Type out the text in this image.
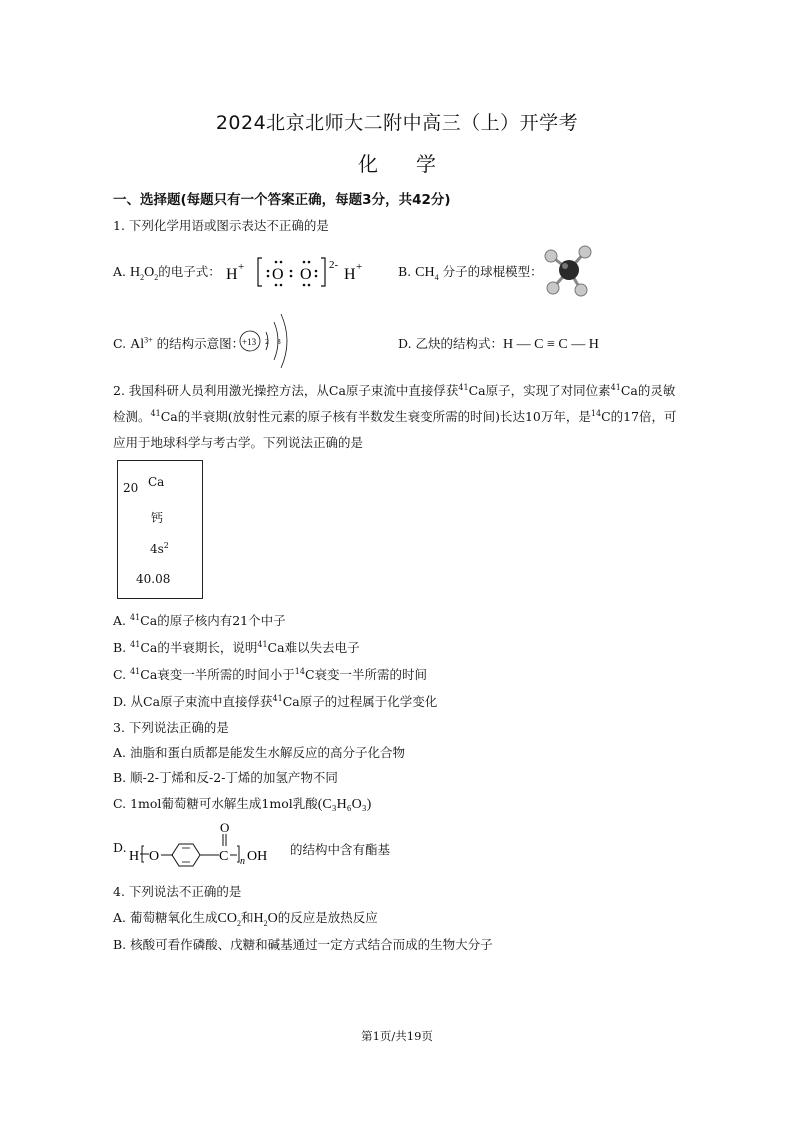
2024北京北师大二附中高三（上）开学考
化学
一、选择题(每题只有一个答案正确，每题3分，共42分)
1. 下列化学用语或图示表达不正确的是
A. $H_2O_2$的电子式： H + O O
2-
H +	B. $CH_4$ 分子的球棍模型：
C. $Al^{3+}$ 的结构示意图：
+13 2 8	D. 乙炔的结构式：H — C ≡ C — H
2. 我国科研人员利用激光操控方法，从Ca原子束流中直接俘获$^{41}$Ca原子，实现了对同位素$^{41}$Ca的灵敏
检测。$^{41}$Ca的半衰期(放射性元素的原子核有半数发生衰变所需的时间)长达10万年，是$^{14}$C的17倍，可
应用于地球科学与考古学。下列说法正确的是
20 Ca
钙
$4s^2$
40.08
A. $^{41}$Ca的原子核内有21个中子
B. $^{41}$Ca的半衰期长，说明$^{41}$Ca难以失去电子
C. $^{41}$Ca衰变一半所需的时间小于$^{14}$C衰变一半所需的时间
D. 从Ca原子束流中直接俘获$^{41}$Ca原子的过程属于化学变化
3. 下列说法正确的是
A. 油脂和蛋白质都是能发生水解反应的高分子化合物
B. 顺-2-丁烯和反-2-丁烯的加氢产物不同
C. 1mol葡萄糖可水解生成1mol乳酸(C₃H₆O₃)
D.
H O	C
O
n OH 的结构中含有酯基
4. 下列说法不正确的是
A. 葡萄糖氧化生成$CO_2$和$H_2O$的反应是放热反应
B. 核酸可看作磷酸、戊糖和碱基通过一定方式结合而成的生物大分子
第1页/共19页
